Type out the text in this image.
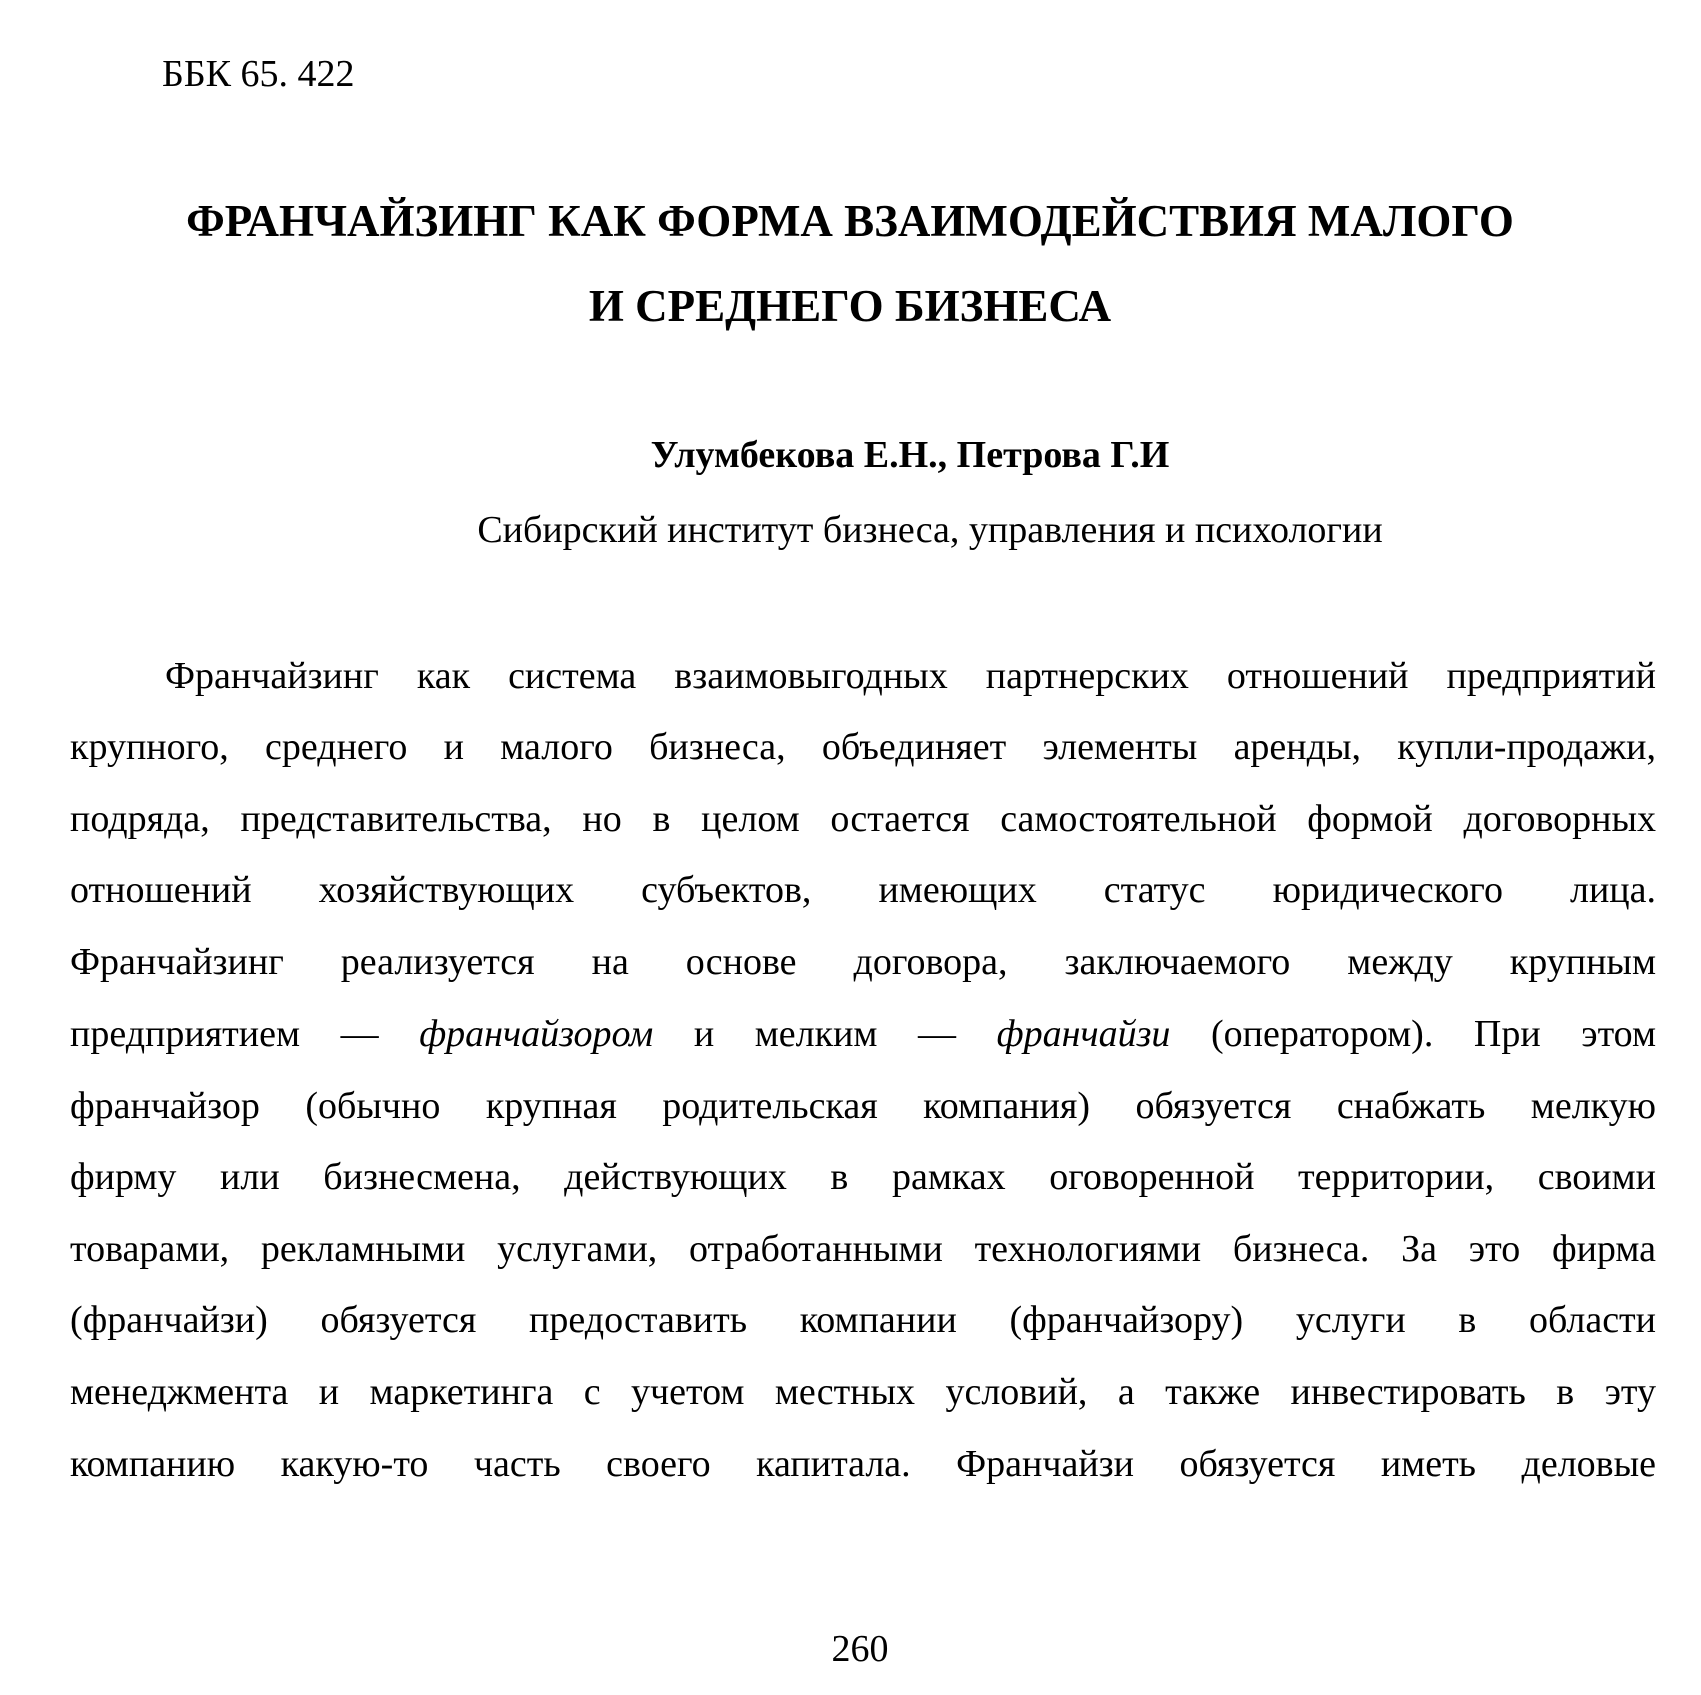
ББК 65. 422
ФРАНЧАЙЗИНГ КАК ФОРМА ВЗАИМОДЕЙСТВИЯ МАЛОГО
И СРЕДНЕГО БИЗНЕСА
Улумбекова Е.Н., Петрова Г.И
Сибирский институт бизнеса, управления и психологии
Франчайзинг как система взаимовыгодных партнерских отношений предприятий
крупного, среднего и малого бизнеса, объединяет элементы аренды, купли-продажи,
подряда, представительства, но в целом остается самостоятельной формой договорных
отношений хозяйствующих субъектов, имеющих статус юридического лица.
Франчайзинг реализуется на основе договора, заключаемого между крупным
предприятием — франчайзором и мелким — франчайзи (оператором). При этом
франчайзор (обычно крупная родительская компания) обязуется снабжать мелкую
фирму или бизнесмена, действующих в рамках оговоренной территории, своими
товарами, рекламными услугами, отработанными технологиями бизнеса. За это фирма
(франчайзи) обязуется предоставить компании (франчайзору) услуги в области
менеджмента и маркетинга с учетом местных условий, а также инвестировать в эту
компанию какую-то часть своего капитала. Франчайзи обязуется иметь деловые
260
